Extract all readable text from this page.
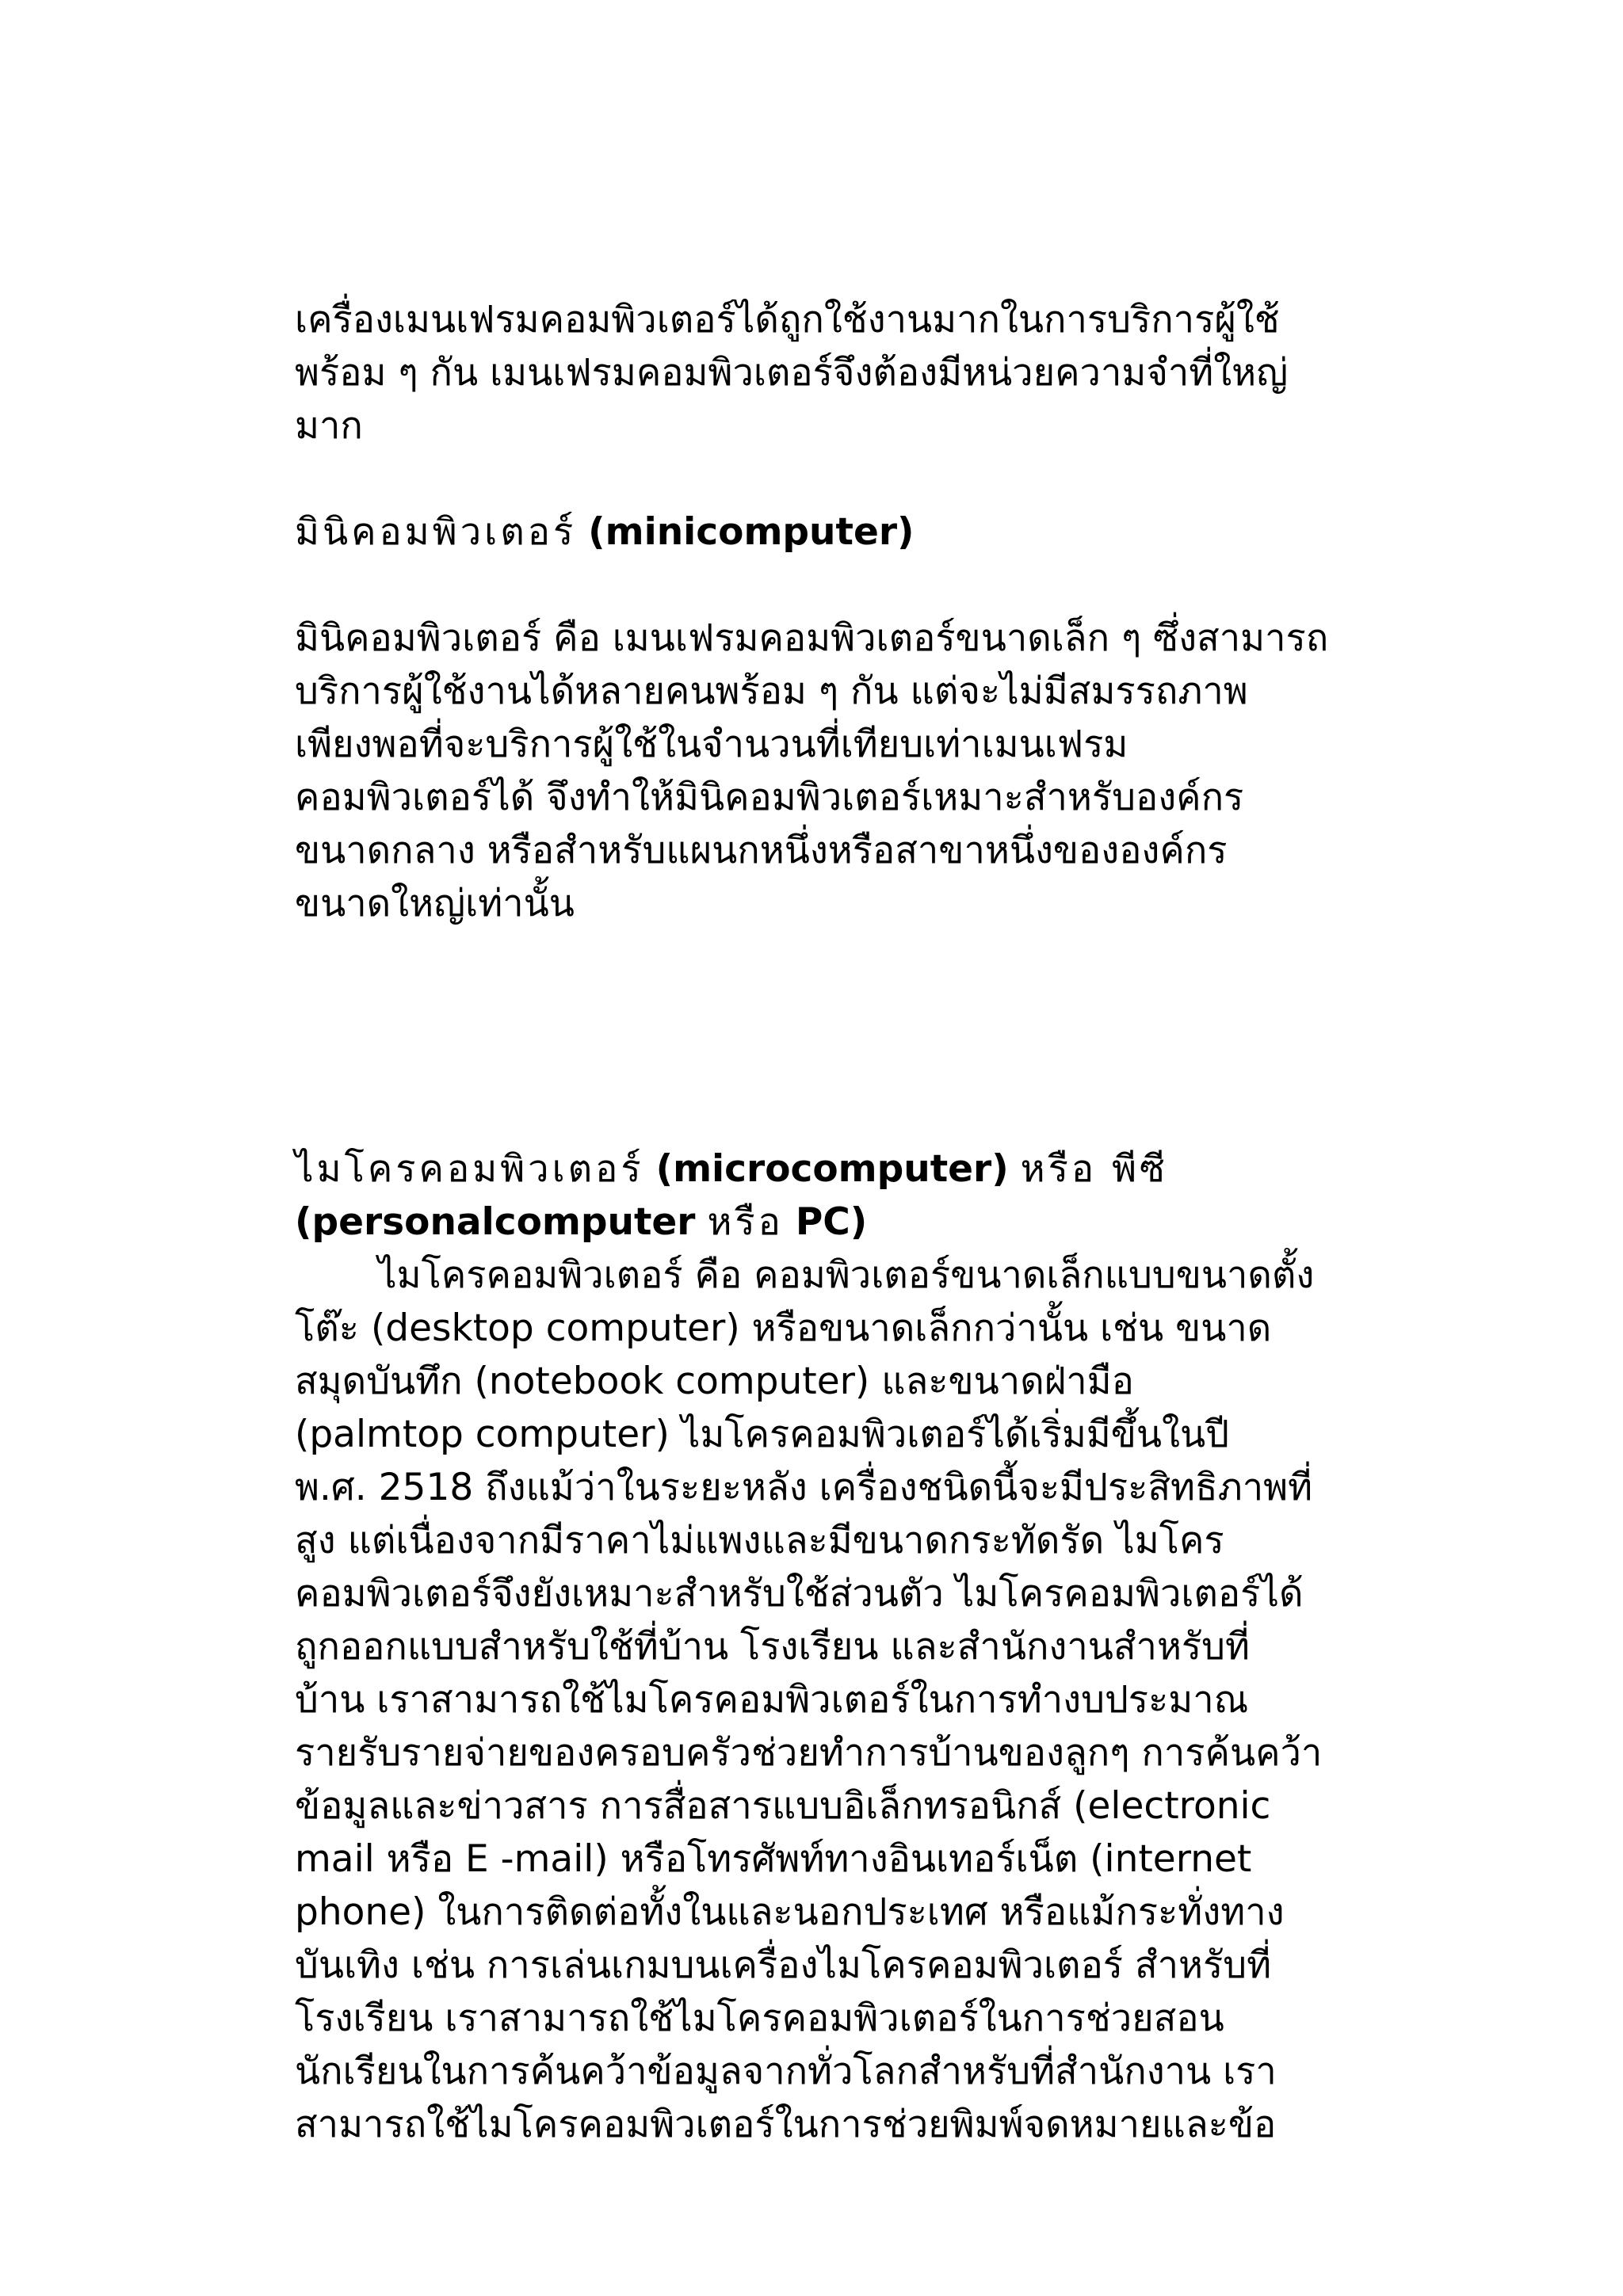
เครื่องเมนเฟรมคอมพิวเตอร์ได้ถูกใช้งานมากในการบริการผู้ใช้
พร้อม ๆ กัน เมนเฟรมคอมพิวเตอร์จึงต้องมีหน่วยความจำที่ใหญ่
มาก
มินิคอมพิวเตอร์ (minicomputer)
มินิคอมพิวเตอร์ คือ เมนเฟรมคอมพิวเตอร์ขนาดเล็ก ๆ ซึ่งสามารถ
บริการผู้ใช้งานได้หลายคนพร้อม ๆ กัน แต่จะไม่มีสมรรถภาพ
เพียงพอที่จะบริการผู้ใช้ในจำนวนที่เทียบเท่าเมนเฟรม
คอมพิวเตอร์ได้ จึงทำให้มินิคอมพิวเตอร์เหมาะสำหรับองค์กร
ขนาดกลาง หรือสำหรับแผนกหนึ่งหรือสาขาหนึ่งขององค์กร
ขนาดใหญ่เท่านั้น
ไมโครคอมพิวเตอร์ (microcomputer) หรือ พีซี
(personalcomputer หรือ PC)
ไมโครคอมพิวเตอร์ คือ คอมพิวเตอร์ขนาดเล็กแบบขนาดตั้ง
โต๊ะ (desktop computer) หรือขนาดเล็กกว่านั้น เช่น ขนาด
สมุดบันทึก (notebook computer) และขนาดฝ่ามือ
(palmtop computer) ไมโครคอมพิวเตอร์ได้เริ่มมีขึ้นในปี
พ.ศ. 2518 ถึงแม้ว่าในระยะหลัง เครื่องชนิดนี้จะมีประสิทธิภาพที่
สูง แต่เนื่องจากมีราคาไม่แพงและมีขนาดกระทัดรัด ไมโคร
คอมพิวเตอร์จึงยังเหมาะสำหรับใช้ส่วนตัว ไมโครคอมพิวเตอร์ได้
ถูกออกแบบสำหรับใช้ที่บ้าน โรงเรียน และสำนักงานสำหรับที่
บ้าน เราสามารถใช้ไมโครคอมพิวเตอร์ในการทำงบประมาณ
รายรับรายจ่ายของครอบครัวช่วยทำการบ้านของลูกๆ การค้นคว้า
ข้อมูลและข่าวสาร การสื่อสารแบบอิเล็กทรอนิกส์ (electronic
mail หรือ E -mail) หรือโทรศัพท์ทางอินเทอร์เน็ต (internet
phone) ในการติดต่อทั้งในและนอกประเทศ หรือแม้กระทั่งทาง
บันเทิง เช่น การเล่นเกมบนเครื่องไมโครคอมพิวเตอร์ สำหรับที่
โรงเรียน เราสามารถใช้ไมโครคอมพิวเตอร์ในการช่วยสอน
นักเรียนในการค้นคว้าข้อมูลจากทั่วโลกสำหรับที่สำนักงาน เรา
สามารถใช้ไมโครคอมพิวเตอร์ในการช่วยพิมพ์จดหมายและข้อ
